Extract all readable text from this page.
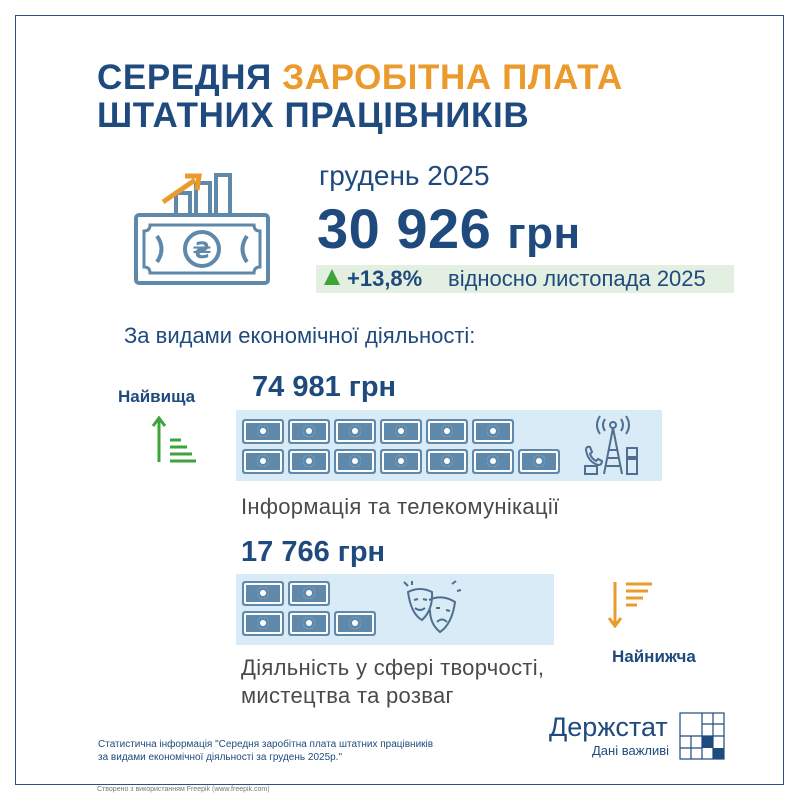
СЕРЕДНЯ ЗАРОБІТНА ПЛАТА
ШТАТНИХ ПРАЦІВНИКІВ
₴
грудень 2025
30 926 грн
+13,8% відносно листопада 2025
За видами економічної діяльності:
Найвища 74 981 грн
Інформація та телекомунікації
17 766 грн
Найнижча
Діяльність у сфері творчості,
мистецтва та розваг
Статистична інформація "Середня заробітна плата штатних працівників
за видами економічної діяльності за грудень 2025р."
Створено з використанням Freepik (www.freepik.com)
Держстат
Дані важливі
